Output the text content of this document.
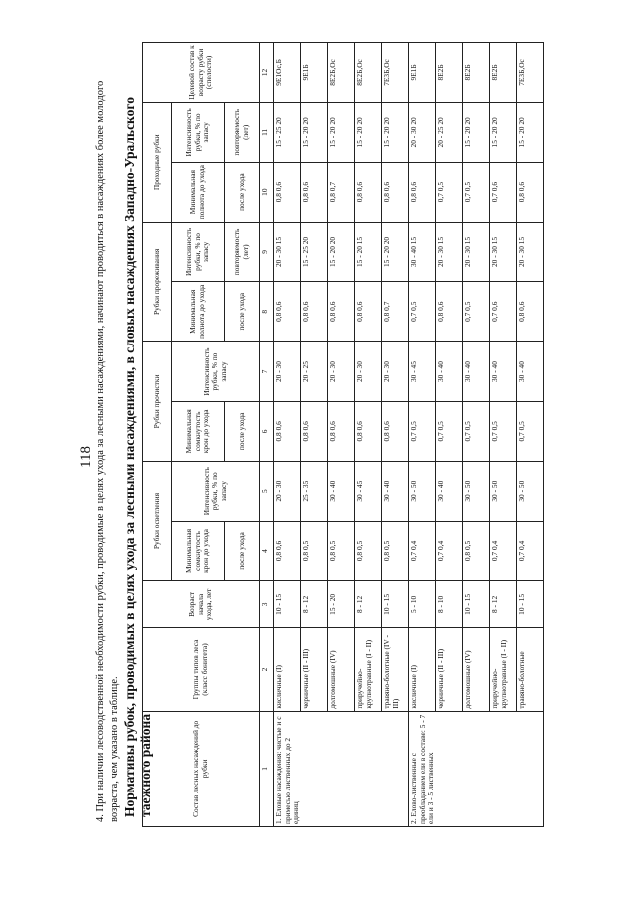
118 4. При наличии лесоводственной необходимости рубки, проводимые в целях ухода за лесными насаждениями, начинают проводиться в насаждениях более молодого возраста, чем указано в таблице. Нормативы рубок, проводимых в целях ухода за лесными насаждениями, в словых насаждениях Западно-Уральского таежного района	Состав лесных насаждений до рубки	Группы типов леса (класс бонитета)	Возраст начала ухода, лет	Рубки осветления		Рубки прочистки		Рубки прореживания		Проходные рубки		Целевой состав к возрасту рубки (спелости)
			Минимальная сомкнутость крон до ухода	Интенсивность рубки, % по запасу	Минимальная сомкнутость крон до ухода	Интенсивность рубки, % по запасу	Минимальная полнота до ухода	Интенсивность рубки, % по запасу	Минимальная полнота до ухода	Интенсивность рубки, % по запасу	
			после ухода		после ухода		после ухода	повторяемость (лет)	после ухода	повторяемость (лет)	
1	2	3	4	5	6	7	8	9	10	11	12
1. Еловые насаждения: чистые и с примесью лиственных до 2 единиц	кисличные (I)	10 - 15	0,8 0,6	20 - 30	0,8 0,6	20 - 30	0,8 0,6	20 - 30 15	0,8 0,6	15 - 25 20	9Е1Ос,Б
	черничные (II - III)	8 - 12	0,8 0,5	25 - 35	0,8 0,6	20 - 25	0,8 0,6	15 - 25 20	0,8 0,6	15 - 20 20	9Е1Б
	долгомошные (IV)	15 - 20	0,8 0,5	30 - 40	0,8 0,6	20 - 30	0,8 0,6	15 - 20 20	0,8 0,7	15 - 20 20	8Е2Б,Ос
	приручейно-крупнотравные (I - II)	8 - 12	0,8 0,5	30 - 45	0,8 0,6	20 - 30	0,8 0,6	15 - 20 15	0,8 0,6	15 - 20 20	8Е2Б,Ос
	травяно-болотные (IV - III)	10 - 15	0,8 0,5	30 - 40	0,8 0,6	20 - 30	0,8 0,7	15 - 20 20	0,8 0,6	15 - 20 20	7Е3Б,Ос
2. Елово-лиственные с преобладанием ели в составе: 5 - 7 ели и 3 - 5 лиственных	кисличные (I)	5 - 10	0,7 0,4	30 - 50	0,7 0,5	30 - 45	0,7 0,5	30 - 40 15	0,8 0,6	20 - 30 20	9Е1Б
	черничные (II - III)	8 - 10	0,7 0,4	30 - 40	0,7 0,5	30 - 40	0,8 0,6	20 - 30 15	0,7 0,5	20 - 25 20	8Е2Б
	долгомошные (IV)	10 - 15	0,8 0,5	30 - 50	0,7 0,5	30 - 40	0,7 0,5	20 - 30 15	0,7 0,5	15 - 20 20	8Е2Б
	приручейно-крупнотравные (I - II)	8 - 12	0,7 0,4	30 - 50	0,7 0,5	30 - 40	0,7 0,6	20 - 30 15	0,7 0,6	15 - 20 20	8Е2Б
	травяно-болотные	10 - 15	0,7 0,4	30 - 50	0,7 0,5	30 - 40	0,8 0,6	20 - 30 15	0,8 0,6	15 - 20 20	7Е3Б,Ос
